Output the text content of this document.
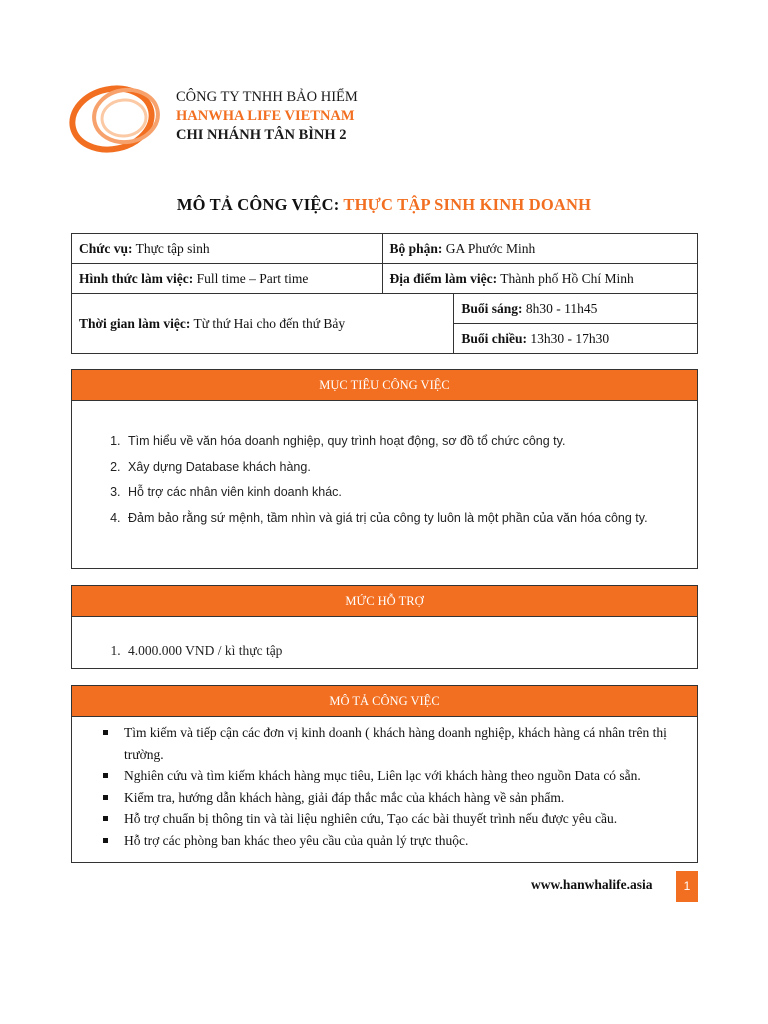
CÔNG TY TNHH BẢO HIỂM
HANWHA LIFE VIETNAM
CHI NHÁNH TÂN BÌNH 2
MÔ TẢ CÔNG VIỆC: THỰC TẬP SINH KINH DOANH
Chức vụ: Thực tập sinh	Bộ phận: GA Phước Minh	
Hình thức làm việc: Full time – Part time	Địa điểm làm việc: Thành phố Hồ Chí Minh	
Thời gian làm việc: Từ thứ Hai cho đến thứ Bảy		Buổi sáng: 8h30 - 11h45
		Buổi chiều: 13h30 - 17h30
MỤC TIÊU CÔNG VIỆC
1. Tìm hiểu về văn hóa doanh nghiệp, quy trình hoạt động, sơ đồ tổ chức công ty.
2. Xây dựng Database khách hàng.
3. Hỗ trợ các nhân viên kinh doanh khác.
4. Đảm bảo rằng sứ mệnh, tầm nhìn và giá trị của công ty luôn là một phần của văn hóa công ty.
MỨC HỖ TRỢ
1. 4.000.000 VND / kì thực tập
MÔ TẢ CÔNG VIỆC
Tìm kiếm và tiếp cận các đơn vị kinh doanh ( khách hàng doanh nghiệp, khách hàng cá nhân trên thị trường.
Nghiên cứu và tìm kiếm khách hàng mục tiêu, Liên lạc với khách hàng theo nguồn Data có sẵn.
Kiểm tra, hướng dẫn khách hàng, giải đáp thắc mắc của khách hàng về sản phẩm.
Hỗ trợ chuẩn bị thông tin và tài liệu nghiên cứu, Tạo các bài thuyết trình nếu được yêu cầu.
Hỗ trợ các phòng ban khác theo yêu cầu của quản lý trực thuộc.
www.hanwhalife.asia	1
